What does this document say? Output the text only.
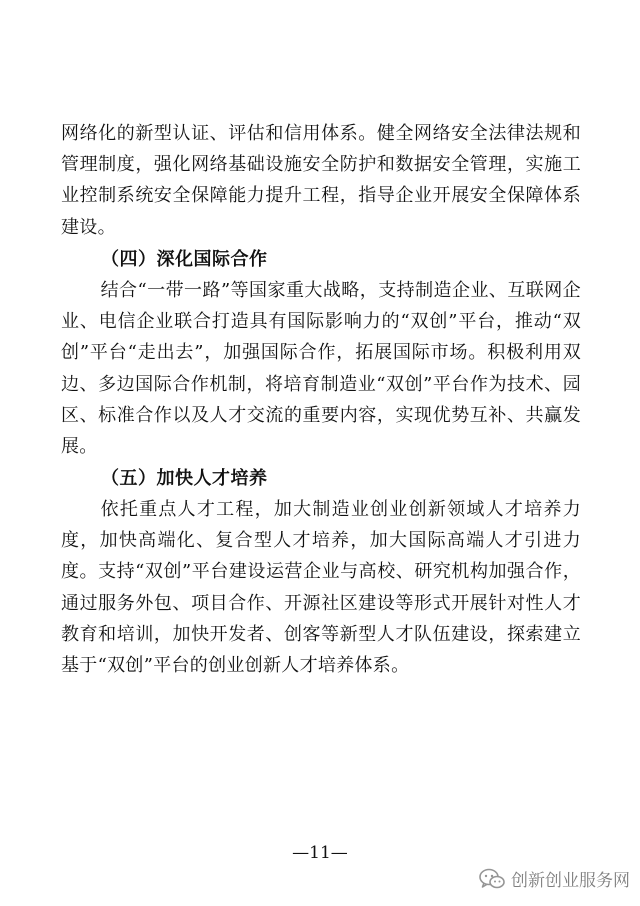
网络化的新型认证、评估和信用体系。健全网络安全法律法规和管理制度，强化网络基础设施安全防护和数据安全管理，实施工业控制系统安全保障能力提升工程，指导企业开展安全保障体系建设。

（四）深化国际合作

结合“一带一路”等国家重大战略，支持制造企业、互联网企业、电信企业联合打造具有国际影响力的“双创”平台，推动“双创”平台“走出去”，加强国际合作，拓展国际市场。积极利用双边、多边国际合作机制，将培育制造业“双创”平台作为技术、园区、标准合作以及人才交流的重要内容，实现优势互补、共赢发展。

（五）加快人才培养

依托重点人才工程，加大制造业创业创新领域人才培养力度，加快高端化、复合型人才培养，加大国际高端人才引进力度。支持“双创”平台建设运营企业与高校、研究机构加强合作，通过服务外包、项目合作、开源社区建设等形式开展针对性人才教育和培训，加快开发者、创客等新型人才队伍建设，探索建立基于“双创”平台的创业创新人才培养体系。

—11—
创新创业服务网
